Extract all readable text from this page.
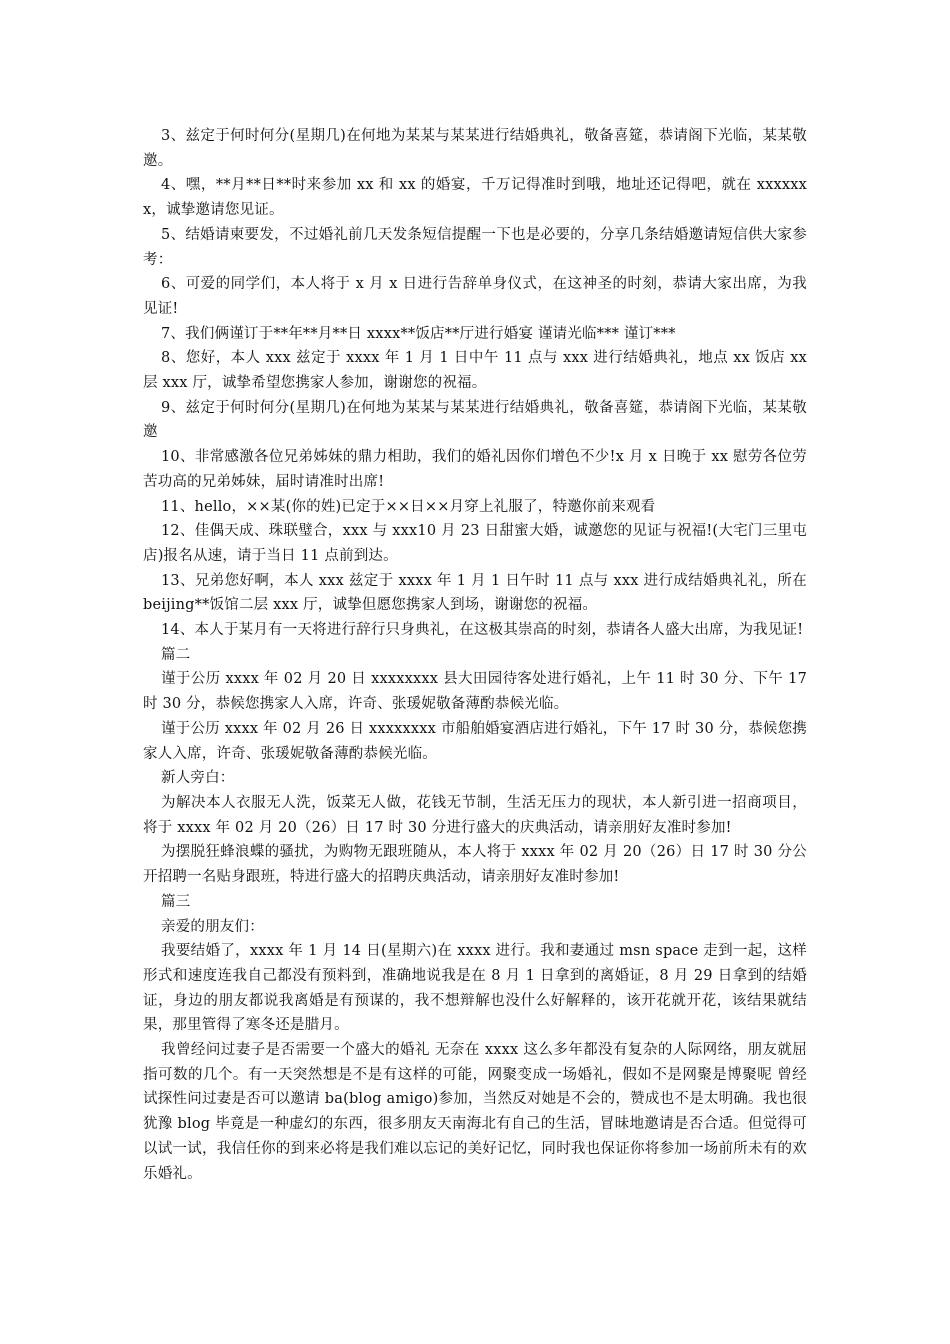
3、兹定于何时何分(星期几)在何地为某某与某某进行结婚典礼，敬备喜筵，恭请阁下光临，某某敬邀。

4、嘿，**月**日**时来参加 xx 和 xx 的婚宴，千万记得准时到哦，地址还记得吧，就在 xxxxxxx，诚挚邀请您见证。

5、结婚请柬要发，不过婚礼前几天发条短信提醒一下也是必要的，分享几条结婚邀请短信供大家参考：

6、可爱的同学们，本人将于 x 月 x 日进行告辞单身仪式，在这神圣的时刻，恭请大家出席，为我见证!

7、我们俩谨订于**年**月**日 xxxx**饭店**厅进行婚宴 谨请光临*** 谨订***

8、您好，本人 xxx 兹定于 xxxx 年 1 月 1 日中午 11 点与 xxx 进行结婚典礼，地点 xx 饭店 xx 层 xxx 厅，诚挚希望您携家人参加，谢谢您的祝福。

9、兹定于何时何分(星期几)在何地为某某与某某进行结婚典礼，敬备喜筵，恭请阁下光临，某某敬邀

10、非常感激各位兄弟姊妹的鼎力相助，我们的婚礼因你们增色不少!x 月 x 日晚于 xx 慰劳各位劳苦功高的兄弟姊妹，届时请准时出席!

11、hello，××某(你的姓)已定于××日××月穿上礼服了，特邀你前来观看

12、佳偶天成、珠联璧合，xxx 与 xxx10 月 23 日甜蜜大婚，诚邀您的见证与祝福!(大宅门三里屯店)报名从速，请于当日 11 点前到达。

13、兄弟您好啊，本人 xxx 兹定于 xxxx 年 1 月 1 日午时 11 点与 xxx 进行成结婚典礼礼，所在 beijing**饭馆二层 xxx 厅，诚挚但愿您携家人到场，谢谢您的祝福。

14、本人于某月有一天将进行辞行只身典礼，在这极其崇高的时刻，恭请各人盛大出席，为我见证!

篇二

谨于公历 xxxx 年 02 月 20 日 xxxxxxxx 县大田园待客处进行婚礼，上午 11 时 30 分、下午 17 时 30 分，恭候您携家人入席，许奇、张瑗妮敬备薄酌恭候光临。

谨于公历 xxxx 年 02 月 26 日 xxxxxxxx 市船舶婚宴酒店进行婚礼，下午 17 时 30 分，恭候您携家人入席，许奇、张瑗妮敬备薄酌恭候光临。

新人旁白：

为解决本人衣服无人洗，饭菜无人做，花钱无节制，生活无压力的现状，本人新引进一招商项目，将于 xxxx 年 02 月 20（26）日 17 时 30 分进行盛大的庆典活动，请亲朋好友准时参加!

为摆脱狂蜂浪蝶的骚扰，为购物无跟班随从，本人将于 xxxx 年 02 月 20（26）日 17 时 30 分公开招聘一名贴身跟班，特进行盛大的招聘庆典活动，请亲朋好友准时参加!

篇三

亲爱的朋友们：

我要结婚了，xxxx 年 1 月 14 日(星期六)在 xxxx 进行。我和妻通过 msn space 走到一起，这样形式和速度连我自己都没有预料到，准确地说我是在 8 月 1 日拿到的离婚证，8 月 29 日拿到的结婚证，身边的朋友都说我离婚是有预谋的，我不想辩解也没什么好解释的，该开花就开花，该结果就结果，那里管得了寒冬还是腊月。

我曾经问过妻子是否需要一个盛大的婚礼 无奈在 xxxx 这么多年都没有复杂的人际网络，朋友就屈指可数的几个。有一天突然想是不是有这样的可能，网聚变成一场婚礼，假如不是网聚是博聚呢 曾经试探性问过妻是否可以邀请 ba(blog amigo)参加，当然反对她是不会的，赞成也不是太明确。我也很犹豫 blog 毕竟是一种虚幻的东西，很多朋友天南海北有自己的生活，冒昧地邀请是否合适。但觉得可以试一试，我信任你的到来必将是我们难以忘记的美好记忆，同时我也保证你将参加一场前所未有的欢乐婚礼。
